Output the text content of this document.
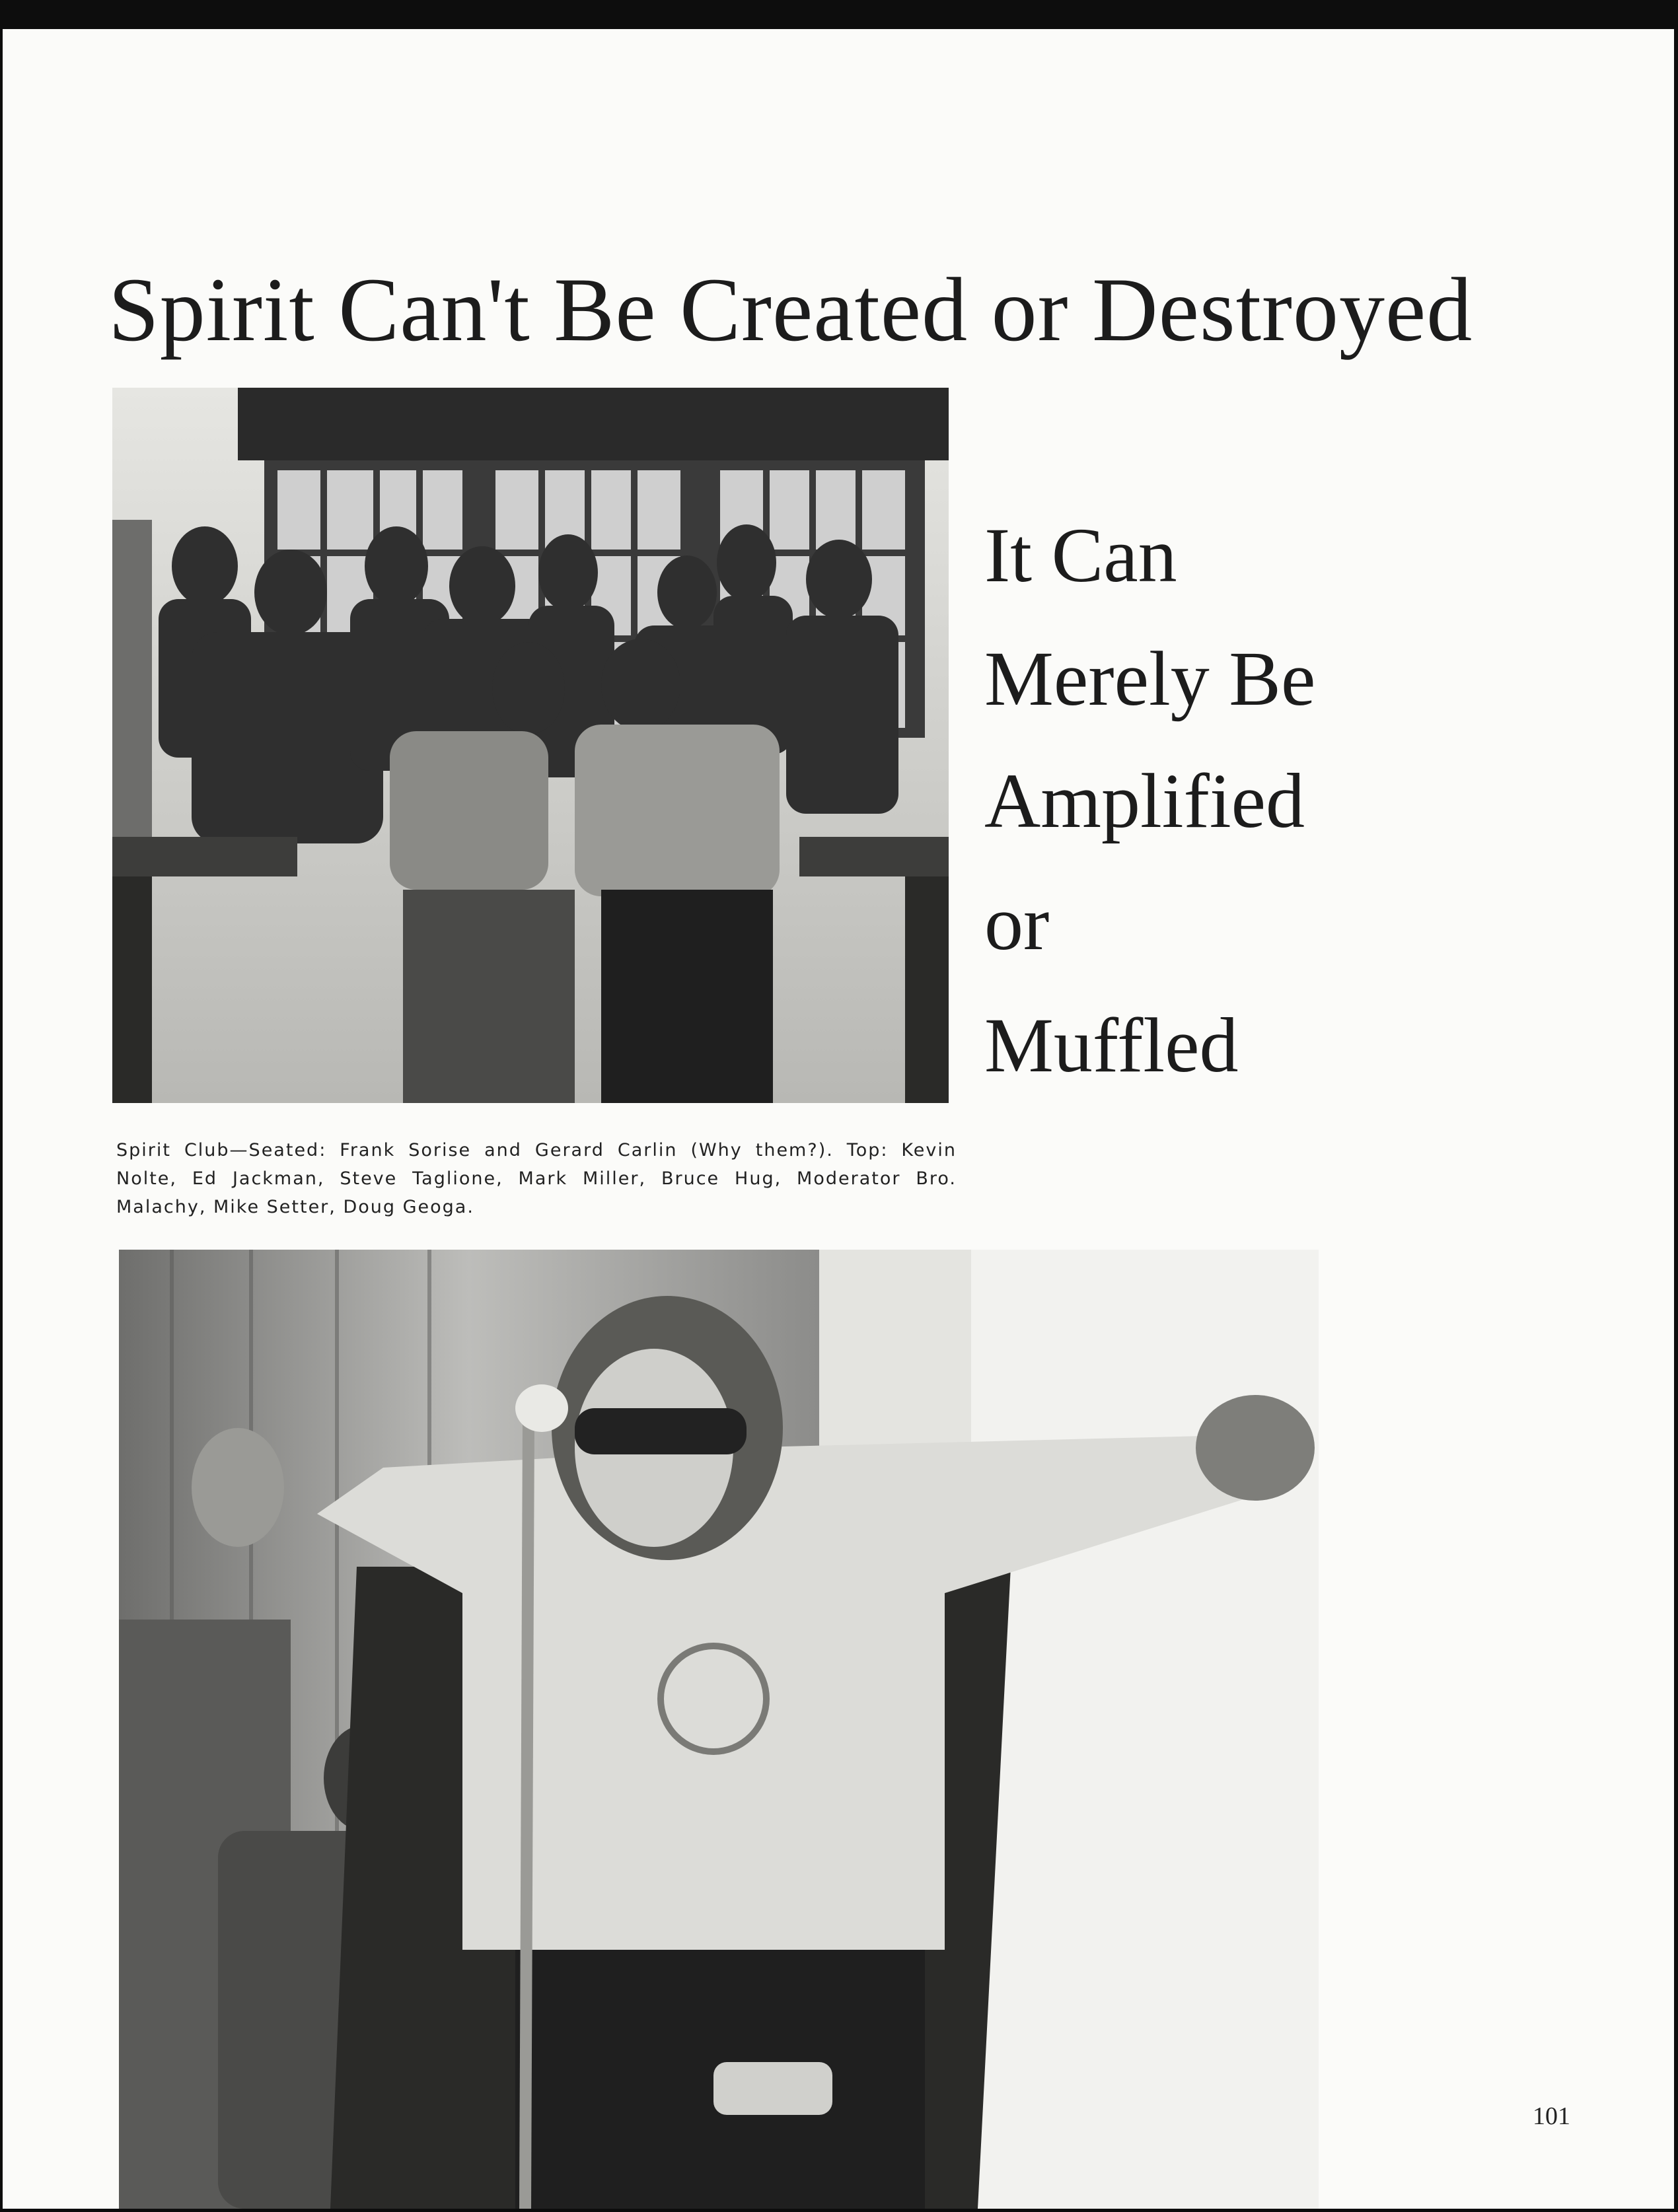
Spirit Can't Be Created or Destroyed
It Can
Merely Be
Amplified
or
Muffled
Spirit Club—Seated: Frank Sorise and Gerard Carlin (Why them?). Top: Kevin Nolte, Ed Jackman, Steve Taglione, Mark Miller, Bruce Hug, Moderator Bro. Malachy, Mike Setter, Doug Geoga.
101
